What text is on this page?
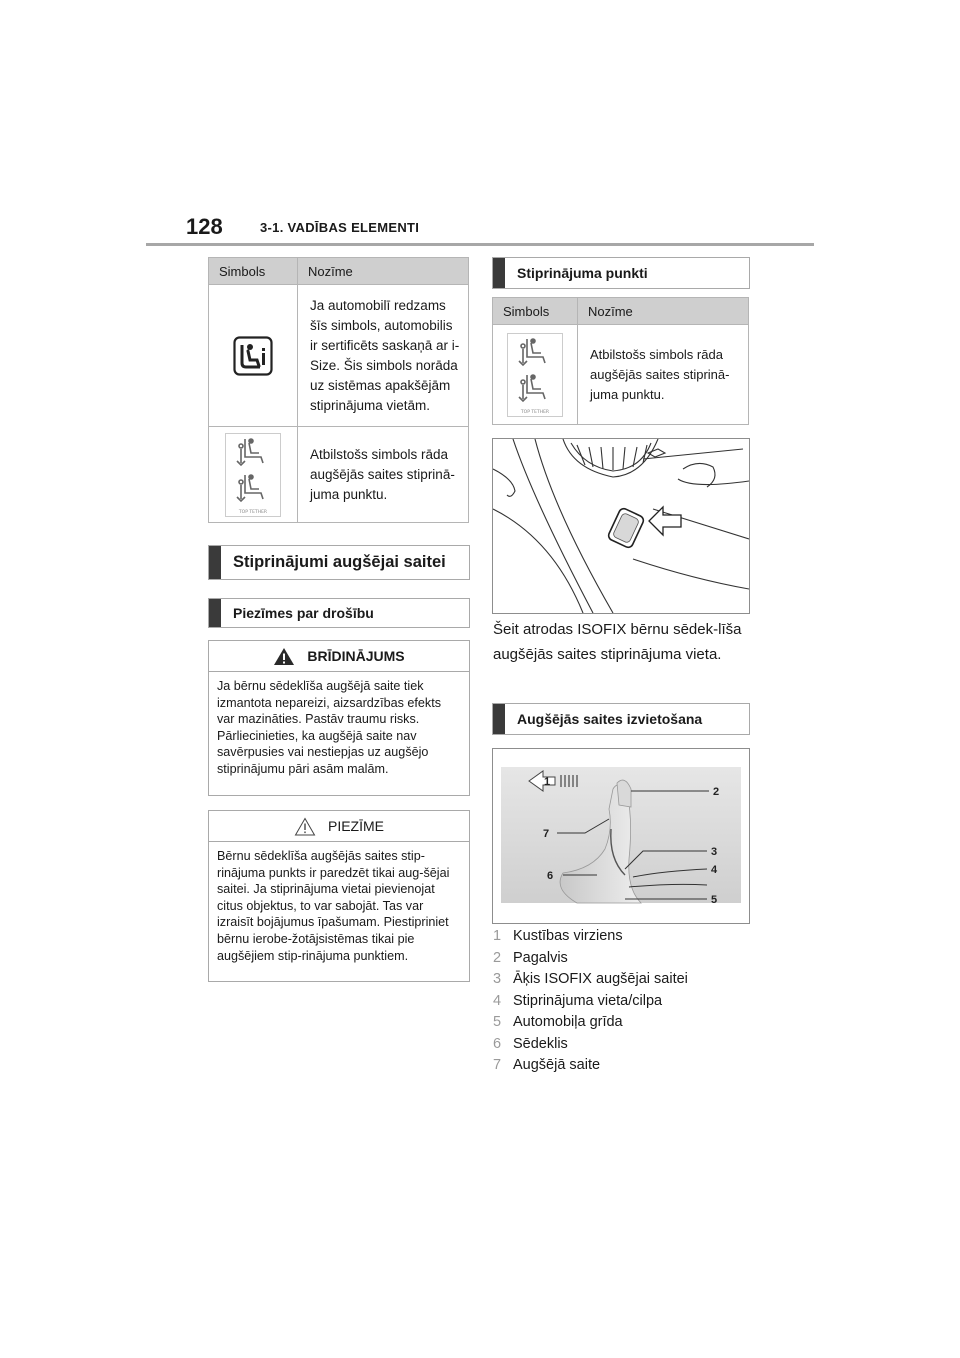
128	3-1. VADĪBAS ELEMENTI
Simbols	Nozīme

	Ja automobilī redzams šīs simbols, automobilis ir sertificēts saskaņā ar i-Size. Šis simbols norāda uz sistēmas apakšējām stiprinājuma vietām.

TOP TETHER	Atbilstošs simbols rāda augšējās saites stiprinā-juma punktu.
Stiprinājumi augšējai saitei
Piezīmes par drošību
BRĪDINĀJUMS
Ja bērnu sēdeklīša augšējā saite tiek izmantota nepareizi, aizsardzības efekts var mazināties. Pastāv traumu risks. Pārliecinieties, ka augšējā saite nav savērpusies vai nestiepjas uz augšējo stiprinājumu pāri asām malām.
PIEZĪME
Bērnu sēdeklīša augšējās saites stip-rinājuma punkts ir paredzēt tikai aug-šējai saitei. Ja stiprinājuma vietai pievienojat citus objektus, to var sabojāt. Tas var izraisīt bojājumus īpašumam. Piestipriniet bērnu ierobe-žotājsistēmas tikai pie augšējiem stip-rinājuma punktiem.
Stiprinājuma punkti
Simbols	Nozīme

TOP TETHER	Atbilstošs simbols rāda augšējās saites stiprinā-juma punktu.
Šeit atrodas ISOFIX bērnu sēdek-līša augšējās saites stiprinājuma vieta.
Augšējās saites izvietošana
1
2
3
4
5
6
7
1 Kustības virziens
2 Pagalvis
3 Āķis ISOFIX augšējai saitei
4 Stiprinājuma vieta/cilpa
5 Automobiļa grīda
6 Sēdeklis
7 Augšējā saite
